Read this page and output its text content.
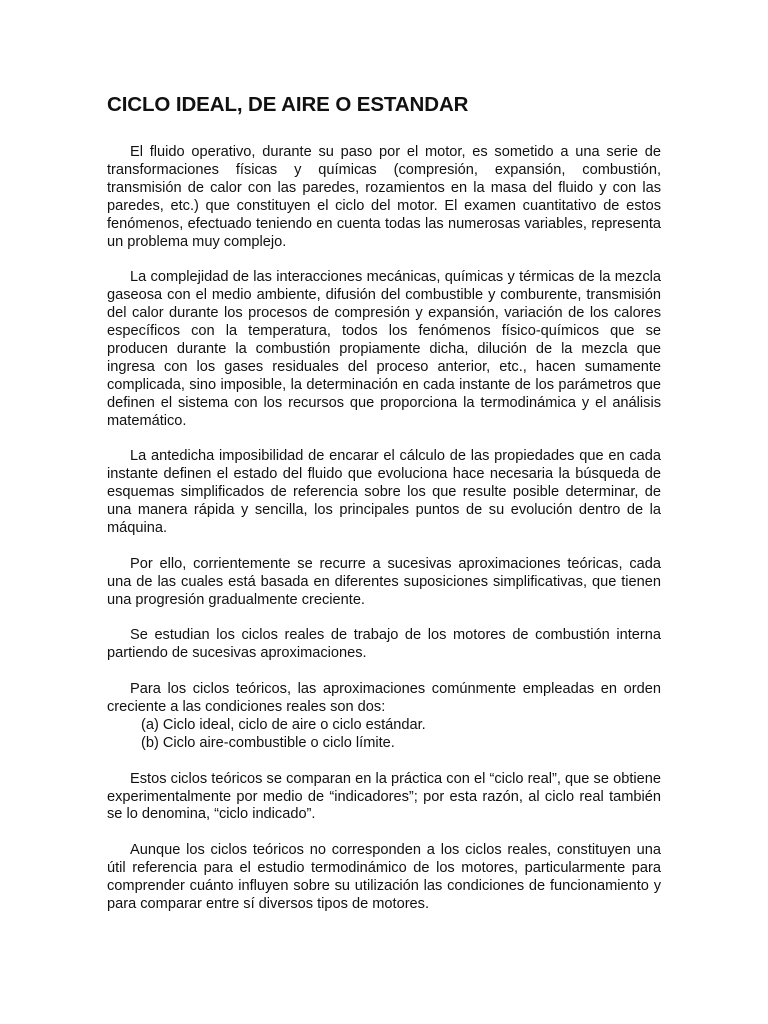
CICLO IDEAL, DE AIRE O ESTANDAR

El fluido operativo, durante su paso por el motor, es sometido a una serie de transformaciones físicas y químicas (compresión, expansión, combustión, transmisión de calor con las paredes, rozamientos en la masa del fluido y con las paredes, etc.) que constituyen el ciclo del motor. El examen cuantitativo de estos fenómenos, efectuado teniendo en cuenta todas las numerosas variables, representa un problema muy complejo.

La complejidad de las interacciones mecánicas, químicas y térmicas de la mezcla gaseosa con el medio ambiente, difusión del combustible y comburente, transmisión del calor durante los procesos de compresión y expansión, variación de los calores específicos con la temperatura, todos los fenómenos físico-químicos que se producen durante la combustión propiamente dicha, dilución de la mezcla que ingresa con los gases residuales del proceso anterior, etc., hacen sumamente complicada, sino imposible, la determinación en cada instante de los parámetros que definen el sistema con los recursos que proporciona la termodinámica y el análisis matemático.

La antedicha imposibilidad de encarar el cálculo de las propiedades que en cada instante definen el estado del fluido que evoluciona hace necesaria la búsqueda de esquemas simplificados de referencia sobre los que resulte posible determinar, de una manera rápida y sencilla, los principales puntos de su evolución dentro de la máquina.

Por ello, corrientemente se recurre a sucesivas aproximaciones teóricas, cada una de las cuales está basada en diferentes suposiciones simplificativas, que tienen una progresión gradualmente creciente.

Se estudian los ciclos reales de trabajo de los motores de combustión interna partiendo de sucesivas aproximaciones.

Para los ciclos teóricos, las aproximaciones comúnmente empleadas en orden creciente a las condiciones reales son dos:

(a) Ciclo ideal, ciclo de aire o ciclo estándar.
(b) Ciclo aire-combustible o ciclo límite.

Estos ciclos teóricos se comparan en la práctica con el “ciclo real”, que se obtiene experimentalmente por medio de “indicadores”; por esta razón, al ciclo real también se lo denomina, “ciclo indicado”.

Aunque los ciclos teóricos no corresponden a los ciclos reales, constituyen una útil referencia para el estudio termodinámico de los motores, particularmente para comprender cuánto influyen sobre su utilización las condiciones de funcionamiento y para comparar entre sí diversos tipos de motores.
